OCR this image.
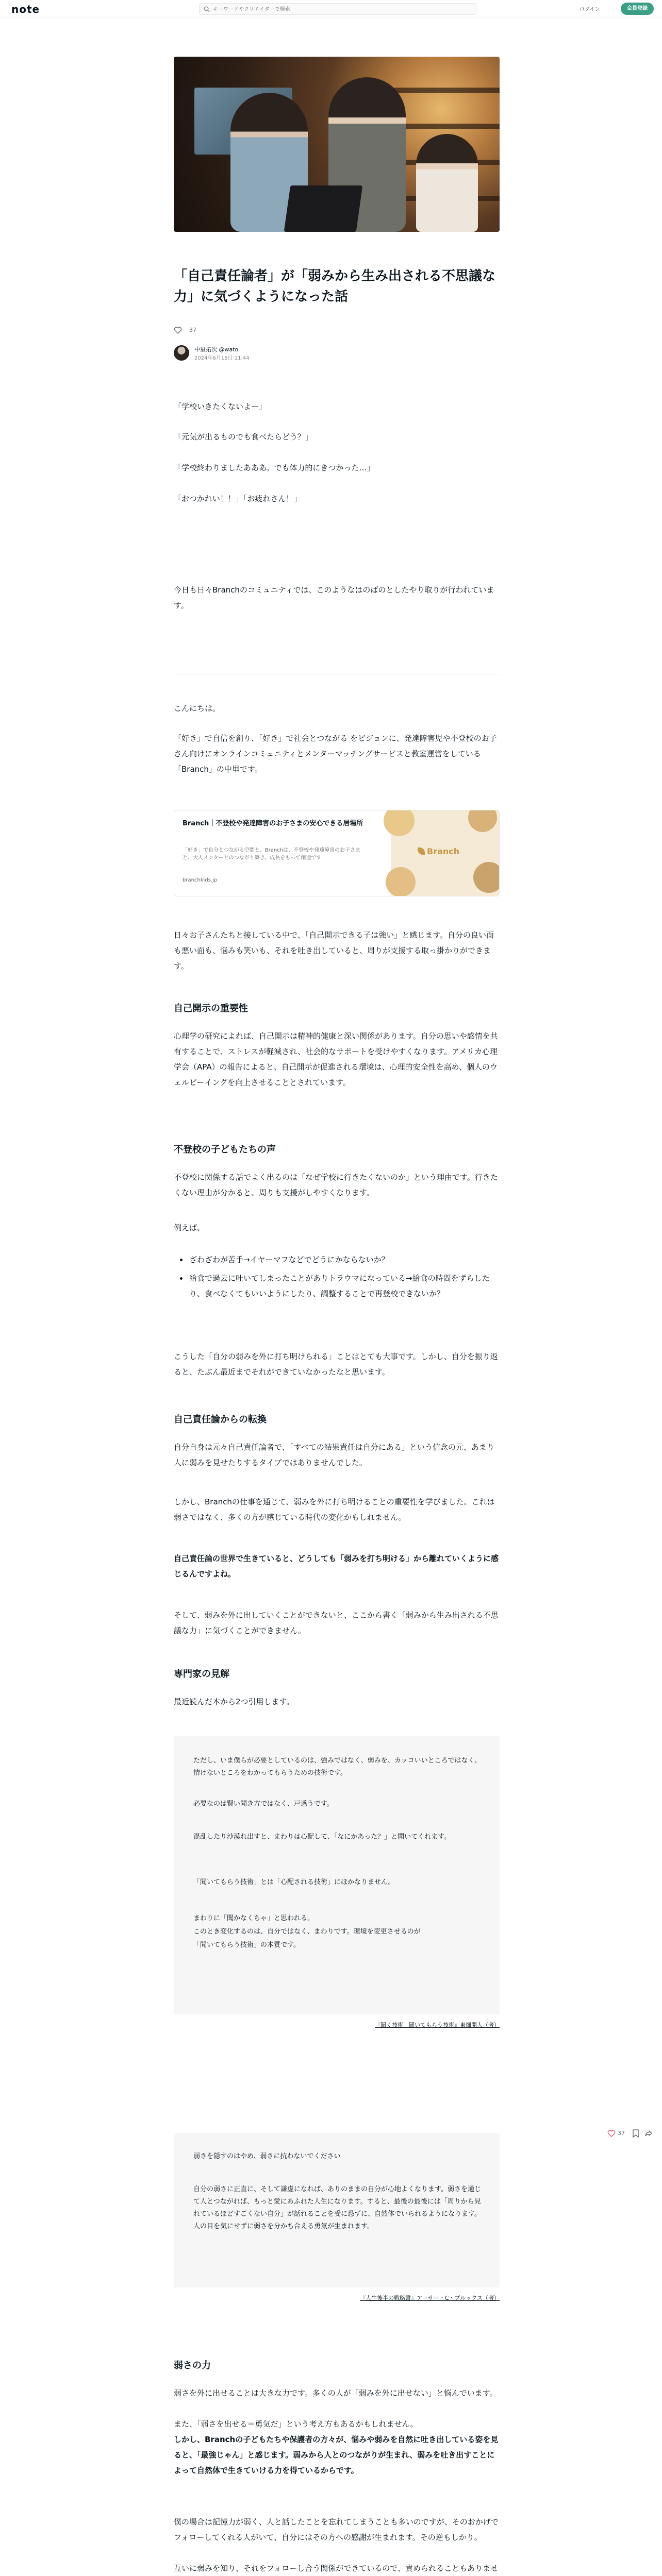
note
キーワードやクリエイターで検索	ログイン	会員登録
「自己責任論者」が「弱みから生み出される不思議な力」に気づくようになった話
37
中里拓次 @wato
2024年6月15日 11:44

「学校いきたくないよー」

「元気が出るものでも食べたらどう？」

「学校終わりましたあああ。でも体力的にきつかった…」

「おつかれい！！」「お疲れさん！」

今日も日々Branchのコミュニティでは、このようなはのばのとしたやり取りが行われています。

こんにちは。

「好き」で自信を創り、「好き」で社会とつながる をビジョンに、発達障害児や不登校のお子さん向けにオンラインコミュニティとメンターマッチングサービスと教室運営をしている「Branch」の中里です。

Branch｜不登校や発達障害のお子さまの安心できる居場所
「好き」で自分とつながる空間と、Branchは、不登校や発達障害のお子さまと、大人メンターとのつながり築き、成長をもって創造です
branchkids.jp
Branch

日々お子さんたちと接している中で、「自己開示できる子は強い」と感じます。自分の良い面も悪い面も、悩みも笑いも、それを吐き出していると、周りが支援する取っ掛かりができます。

自己開示の重要性

心理学の研究によれば、自己開示は精神的健康と深い関係があります。自分の思いや感情を共有することで、ストレスが軽減され、社会的なサポートを受けやすくなります。アメリカ心理学会（APA）の報告によると、自己開示が促進される環境は、心理的安全性を高め、個人のウェルビーイングを向上させることとされています。

不登校の子どもたちの声

不登校に関係する話でよく出るのは「なぜ学校に行きたくないのか」という理由です。行きたくない理由が分かると、周りも支援がしやすくなります。

例えば、

ざわざわが苦手→イヤーマフなどでどうにかならないか？
給食で過去に吐いてしまったことがありトラウマになっている→給食の時間をずらしたり、食べなくてもいいようにしたり、調整することで再登校できないか？

こうした「自分の弱みを外に打ち明けられる」ことはとても大事です。しかし、自分を振り返ると、たぶん最近までそれができていなかったなと思います。

自己責任論からの転換

自分自身は元々自己責任論者で、「すべての結果責任は自分にある」という信念の元、あまり人に弱みを見せたりするタイプではありませんでした。

しかし、Branchの仕事を通じて、弱みを外に打ち明けることの重要性を学びました。これは弱さではなく、多くの方が感じている時代の変化かもしれません。

自己責任論の世界で生きていると、どうしても「弱みを打ち明ける」から離れていくように感じるんですよね。

そして、弱みを外に出していくことができないと、ここから書く「弱みから生み出される不思議な力」に気づくことができません。

専門家の見解

最近読んだ本から2つ引用します。

ただし、いま僕らが必要としているのは、強みではなく、弱みを、カッコいいところではなく、情けないところをわかってもらうための技術です。

必要なのは賢い聞き方ではなく、戸惑うです。

混乱したり沙漠れ出すと、まわりは心配して、「なにかあった？」と聞いてくれます。

「聞いてもらう技術」とは「心配される技術」にほかなりません。

まわりに「聞かなくちゃ」と思われる。

このとき変化するのは、自分ではなく、まわりです。環境を変更させるのが

「聞いてもらう技術」の本質です。

『聞く技術　聞いてもらう技術』東畑開人（著）

弱さを隠すのはやめ、弱さに抗わないでください

自分の弱さに正直に、そして謙虚になれば、ありのままの自分が心地よくなります。弱さを通じて人とつながれば、もっと愛にあふれた人生になります。すると、最後の最後には「周りから見れているほどすごくない自分」が話れることを受に恐ずに、自然体でいられるようになります。人の目を気にせずに弱さを分かち合える勇気が生まれます。

『人生後半の戦略書』アーサー・C・ブルックス（著）
弱さの力

弱さを外に出せることは大きな力です。多くの人が「弱みを外に出せない」と悩んでいます。

また、「弱さを出せる＝勇気だ」という考え方もあるかもしれません。

しかし、Branchの子どもたちや保護者の方々が、悩みや弱みを自然に吐き出している姿を見ると、「最強じゃん」と感じます。弱みから人とのつながりが生まれ、弱みを吐き出すことによって自然体で生きていける力を得ているからです。

僕の場合は記憶力が弱く、人と話したことを忘れてしまうことも多いのですが、そのおかげでフォローしてくれる人がいて、自分にはその方への感謝が生まれます。その逆もしかり。

互いに弱みを知り、それをフォローし合う関係ができているので、責められることもありませ

37
